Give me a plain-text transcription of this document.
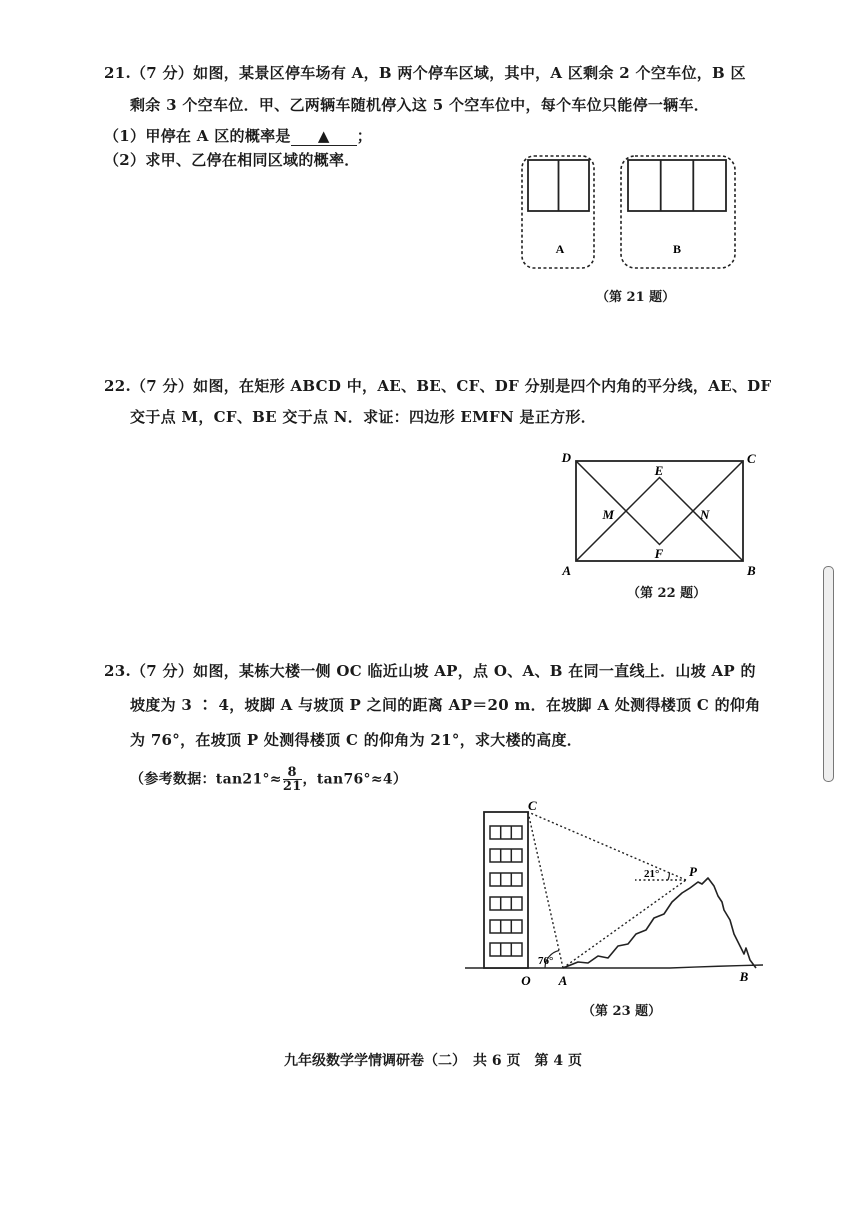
21.（7 分）如图，某景区停车场有 A，B 两个停车区域，其中，A 区剩余 2 个空车位，B 区
剩余 3 个空车位．甲、乙两辆车随机停入这 5 个空车位中，每个车位只能停一辆车．
（1）甲停在 A 区的概率是 ▲ ；
（2）求甲、乙停在相同区域的概率．
A	B
（第 21 题）
22.（7 分）如图，在矩形 ABCD 中，AE、BE、CF、DF 分别是四个内角的平分线，AE、DF
交于点 M，CF、BE 交于点 N．求证：四边形 EMFN 是正方形．
D	C
E
M	N
F
A	B
（第 22 题）
23.（7 分）如图，某栋大楼一侧 OC 临近山坡 AP，点 O、A、B 在同一直线上．山坡 AP 的
坡度为 3 ∶ 4，坡脚 A 与坡顶 P 之间的距离 AP＝20 m．在坡脚 A 处测得楼顶 C 的仰角
为 76°，在坡顶 P 处测得楼顶 C 的仰角为 21°，求大楼的高度．
（参考数据：$\tan 21^\circ\approx \frac{8}{21}$ ，tan76°≈4）
C
P
O A	B
21°
76°
（第 23 题）
九年级数学学情调研卷（二）　共 6 页　第 4 页
